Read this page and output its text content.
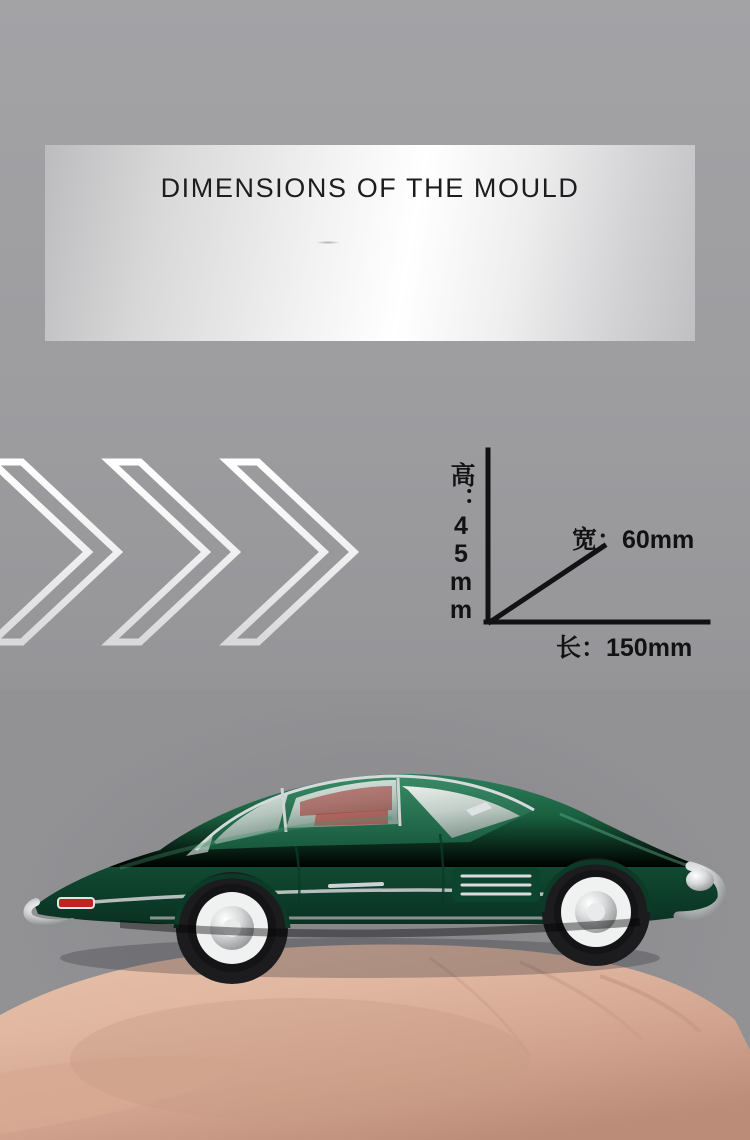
DIMENSIONS OF THE MOULD
高：45mm	宽：60mm
长：150mm
